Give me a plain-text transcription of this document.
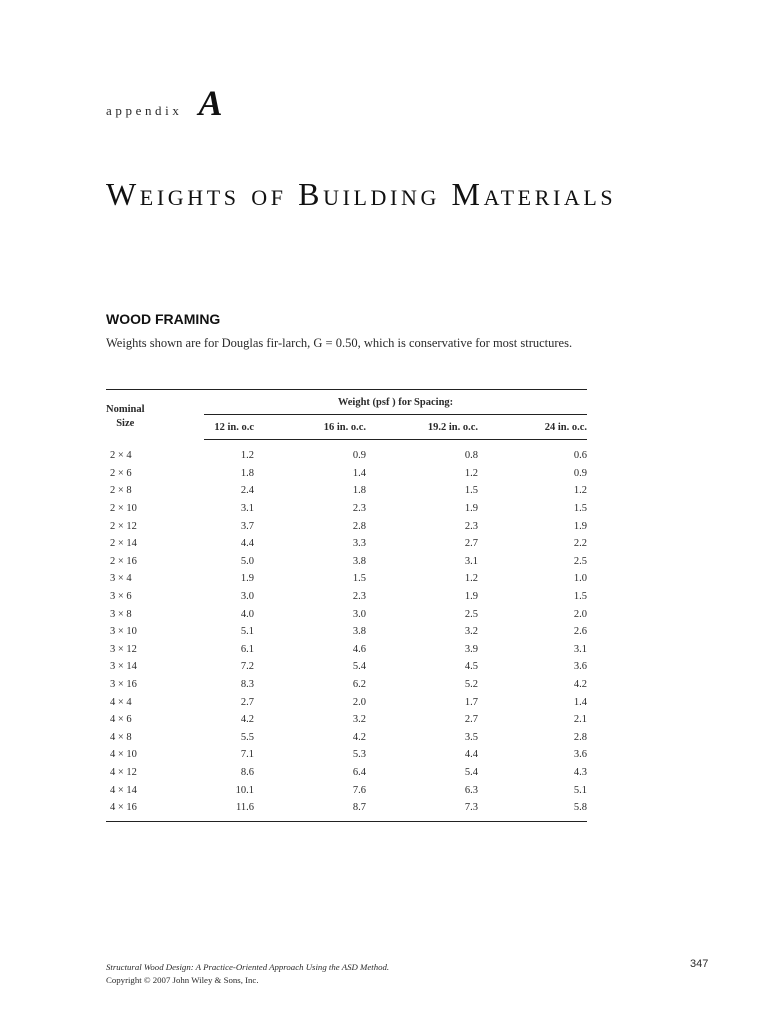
appendix A
Weights of Building Materials
WOOD FRAMING

Weights shown are for Douglas fir-larch, G = 0.50, which is conservative for most structures.

Nominal
Size	Weight (psf ) for Spacing:			
	12 in. o.c	16 in. o.c.	19.2 in. o.c.	24 in. o.c.

2 × 4	1.2	0.9	0.8	0.6
2 × 6	1.8	1.4	1.2	0.9
2 × 8	2.4	1.8	1.5	1.2
2 × 10	3.1	2.3	1.9	1.5
2 × 12	3.7	2.8	2.3	1.9
2 × 14	4.4	3.3	2.7	2.2
2 × 16	5.0	3.8	3.1	2.5
3 × 4	1.9	1.5	1.2	1.0
3 × 6	3.0	2.3	1.9	1.5
3 × 8	4.0	3.0	2.5	2.0
3 × 10	5.1	3.8	3.2	2.6
3 × 12	6.1	4.6	3.9	3.1
3 × 14	7.2	5.4	4.5	3.6
3 × 16	8.3	6.2	5.2	4.2
4 × 4	2.7	2.0	1.7	1.4
4 × 6	4.2	3.2	2.7	2.1
4 × 8	5.5	4.2	3.5	2.8
4 × 10	7.1	5.3	4.4	3.6
4 × 12	8.6	6.4	5.4	4.3
4 × 14	10.1	7.6	6.3	5.1
4 × 16	11.6	8.7	7.3	5.8

Structural Wood Design: A Practice-Oriented Approach Using the ASD Method.
Copyright © 2007 John Wiley & Sons, Inc.
347
